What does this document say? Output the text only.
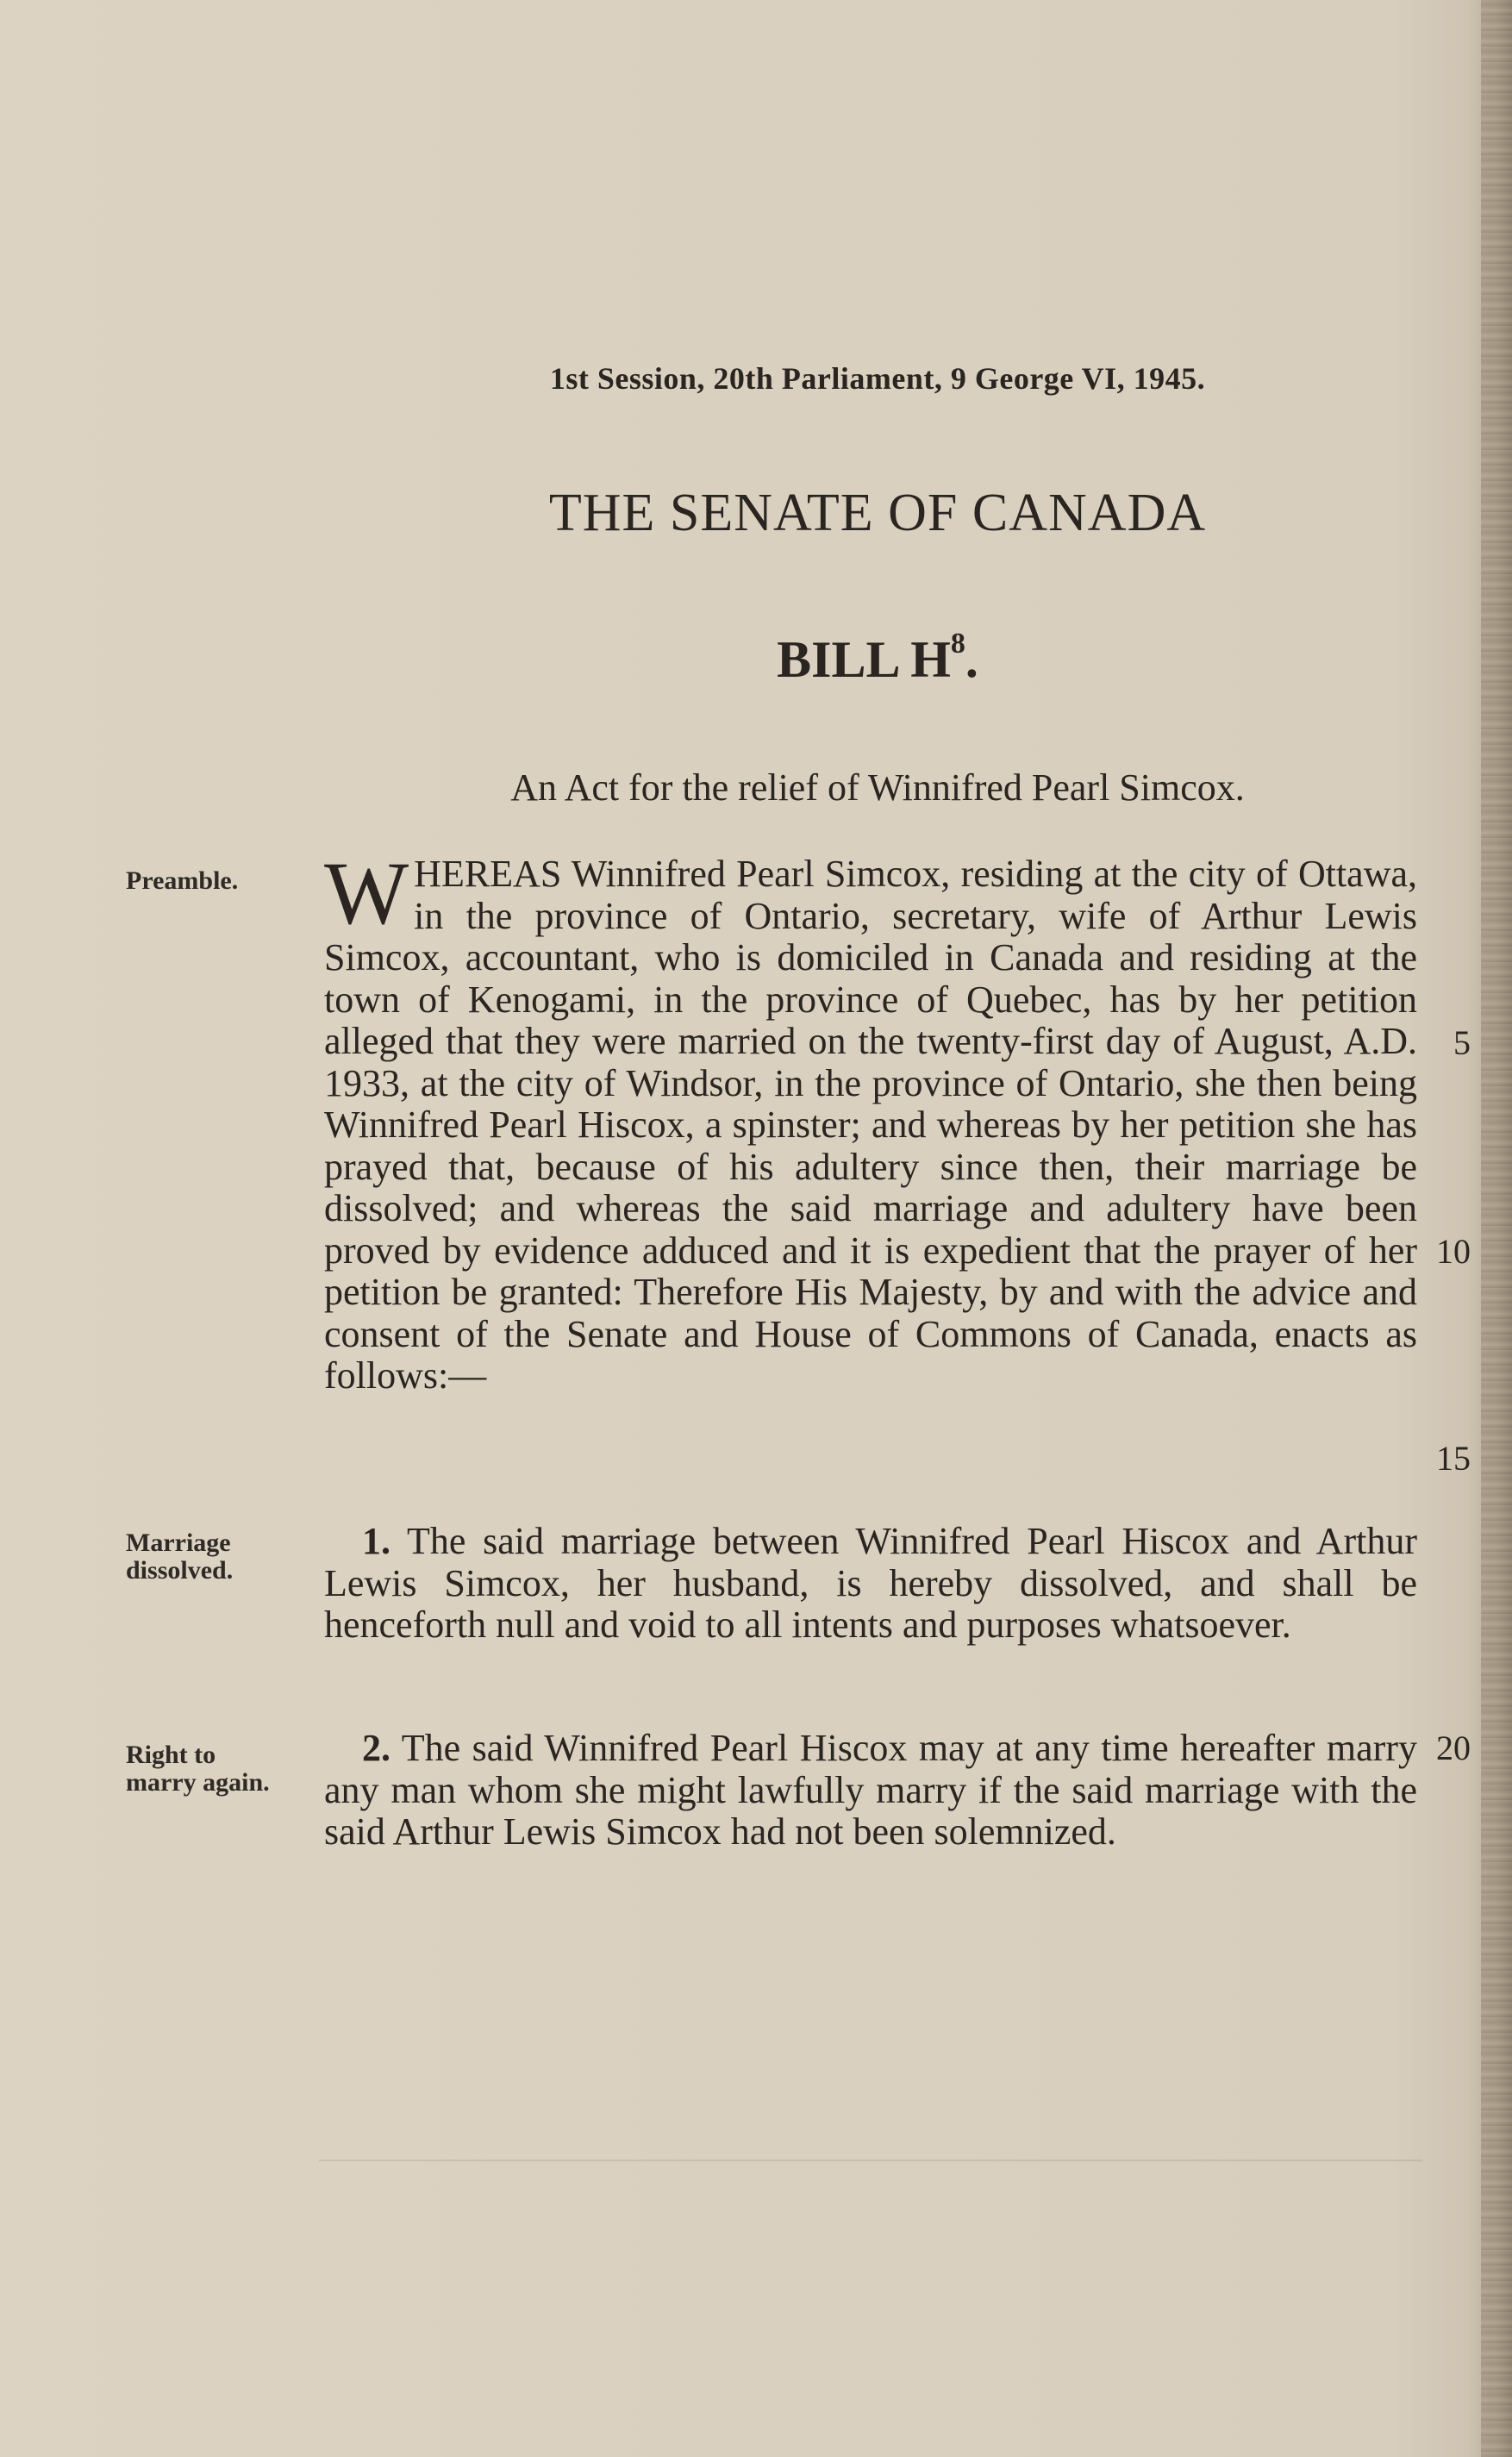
1st Session, 20th Parliament, 9 George VI, 1945.
THE SENATE OF CANADA
BILL $H^8$.
An Act for the relief of Winnifred Pearl Simcox.
Preamble.
Marriage
dissolved.
Right to
marry again.

WHEREAS Winnifred Pearl Simcox, residing at the city of Ottawa, in the province of Ontario, secretary, wife of Arthur Lewis Simcox, accountant, who is domiciled in Canada and residing at the town of Kenogami, in the province of Quebec, has by her petition alleged that they were married on the twenty-first day of August, A.D. 1933, at the city of Windsor, in the province of Ontario, she then being Winnifred Pearl Hiscox, a spinster; and whereas by her petition she has prayed that, because of his adultery since then, their marriage be dissolved; and whereas the said marriage and adultery have been proved by evidence adduced and it is expedient that the prayer of her petition be granted: Therefore His Majesty, by and with the advice and consent of the Senate and House of Commons of Canada, enacts as follows:—

1. The said marriage between Winnifred Pearl Hiscox and Arthur Lewis Simcox, her husband, is hereby dissolved, and shall be henceforth null and void to all intents and purposes whatsoever.

2. The said Winnifred Pearl Hiscox may at any time hereafter marry any man whom she might lawfully marry if the said marriage with the said Arthur Lewis Simcox had not been solemnized.

5
10
15
20
